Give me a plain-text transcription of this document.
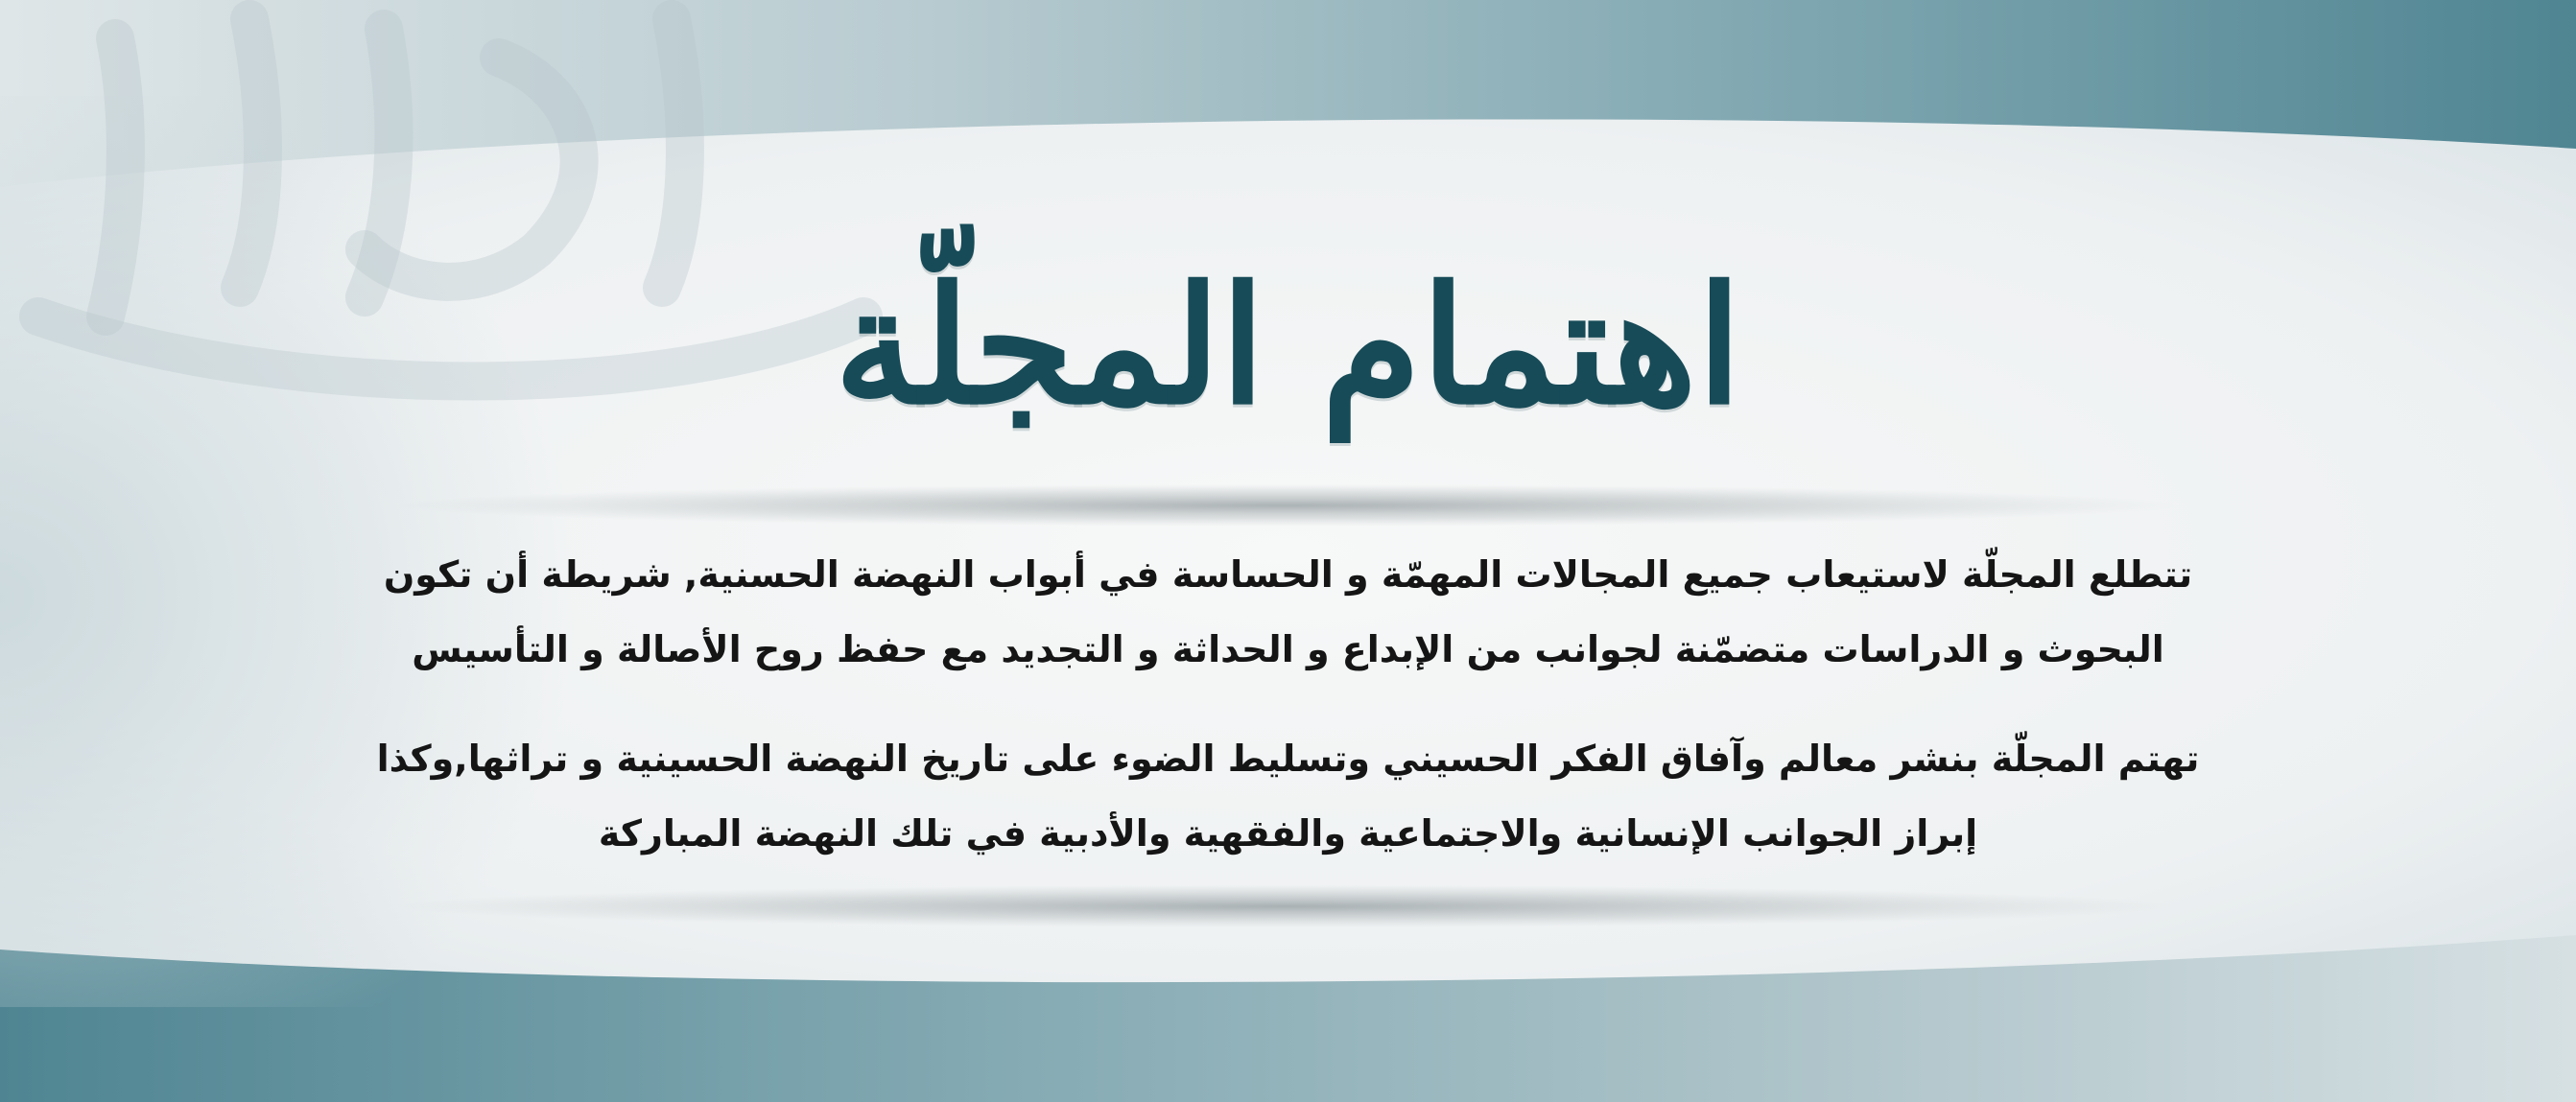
اهتمام المجلّة

تتطلع المجلّة لاستيعاب جميع المجالات المهمّة و الحساسة في أبواب النهضة الحسنية, شريطة أن تكون
البحوث و الدراسات متضمّنة لجوانب من الإبداع و الحداثة و التجديد مع حفظ روح الأصالة و التأسيس

تهتم المجلّة بنشر معالم وآفاق الفكر الحسيني وتسليط الضوء على تاريخ النهضة الحسينية و تراثها,وكذا
إبراز الجوانب الإنسانية والاجتماعية والفقهية والأدبية في تلك النهضة المباركة
